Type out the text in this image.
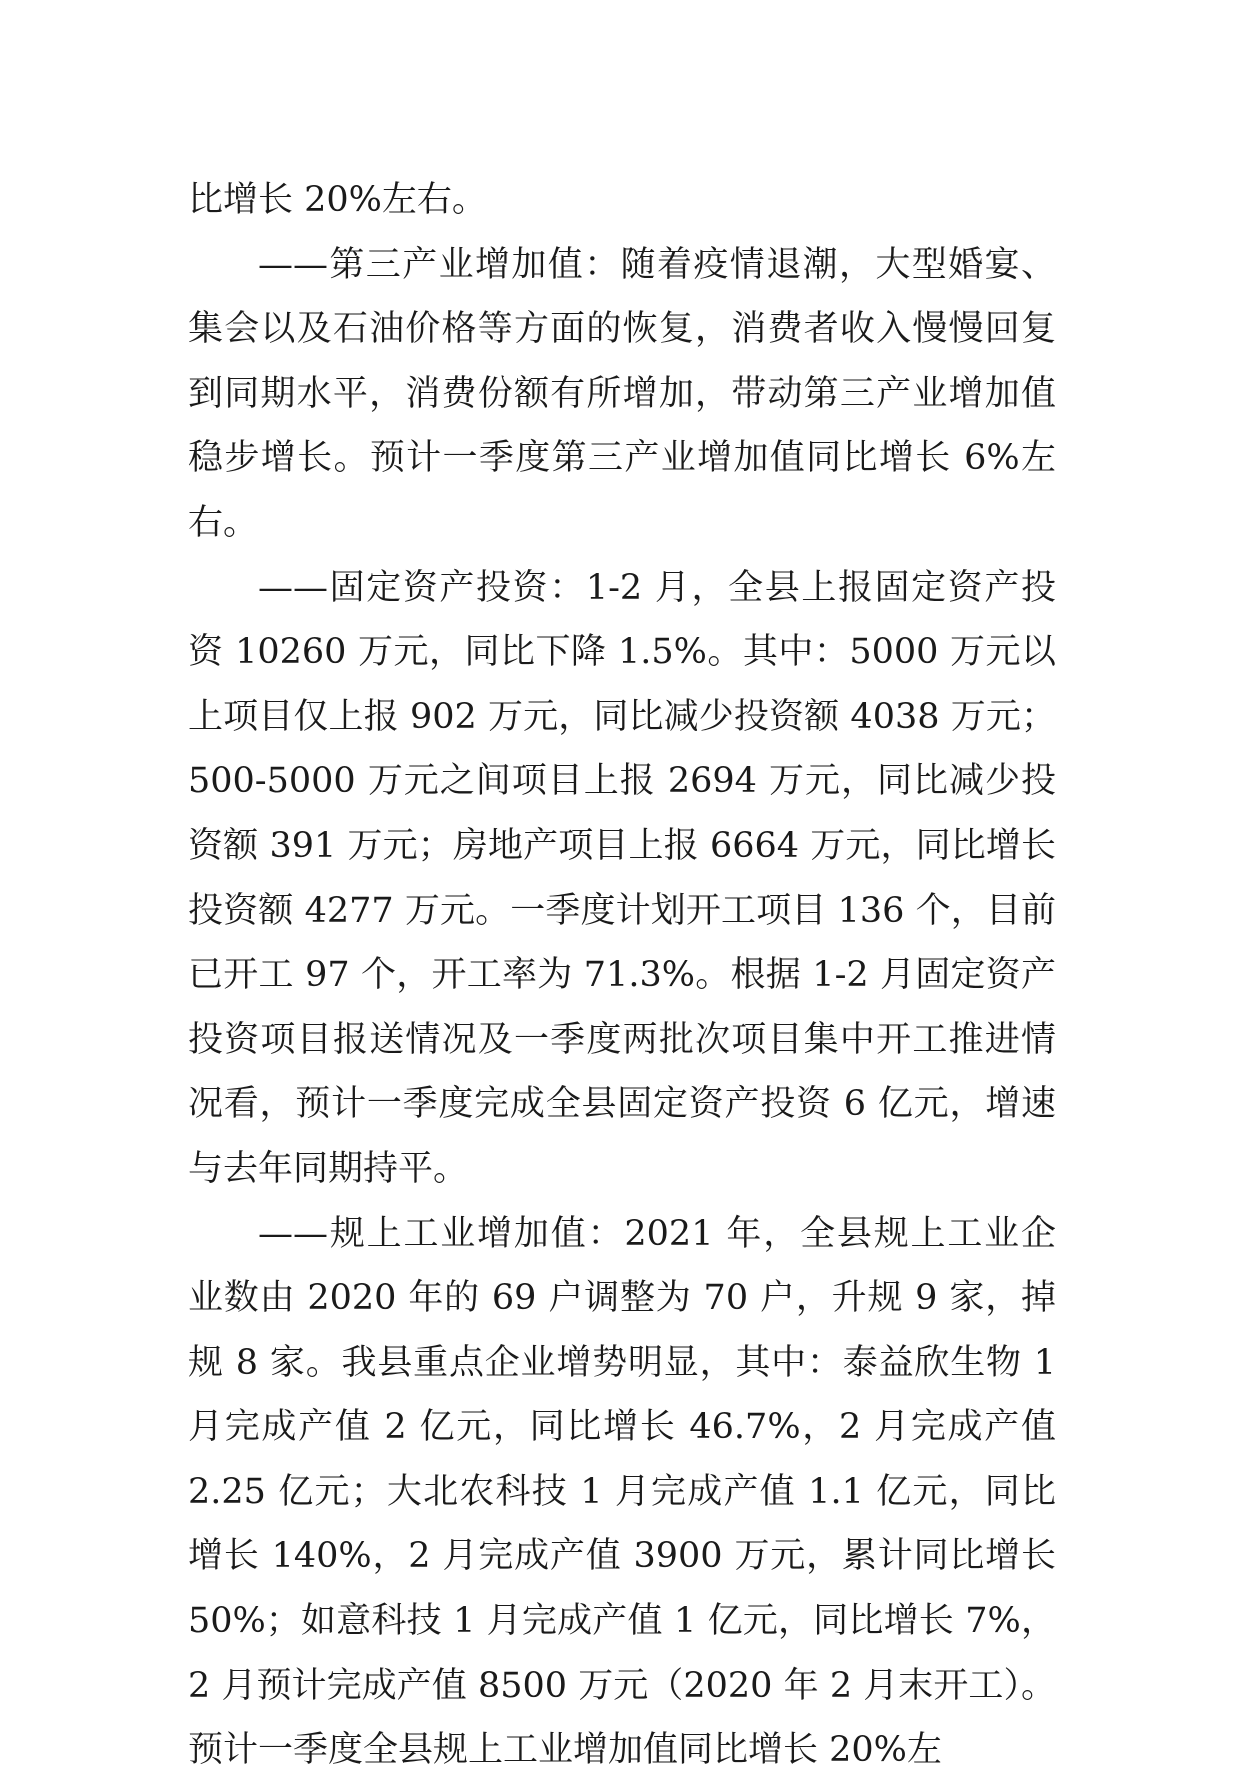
比增长 20%左右。

——第三产业增加值：随着疫情退潮，大型婚宴、集会以及石油价格等方面的恢复，消费者收入慢慢回复到同期水平，消费份额有所增加，带动第三产业增加值稳步增长。预计一季度第三产业增加值同比增长 6%左右。

——固定资产投资：1-2 月，全县上报固定资产投资 10260 万元，同比下降 1.5%。其中：5000 万元以上项目仅上报 902 万元，同比减少投资额 4038 万元；500-5000 万元之间项目上报 2694 万元，同比减少投资额 391 万元；房地产项目上报 6664 万元，同比增长投资额 4277 万元。一季度计划开工项目 136 个，目前已开工 97 个，开工率为 71.3%。根据 1-2 月固定资产投资项目报送情况及一季度两批次项目集中开工推进情况看，预计一季度完成全县固定资产投资 6 亿元，增速与去年同期持平。

——规上工业增加值：2021 年，全县规上工业企业数由 2020 年的 69 户调整为 70 户，升规 9 家，掉规 8 家。我县重点企业增势明显，其中：泰益欣生物 1 月完成产值 2 亿元，同比增长 46.7%，2 月完成产值 2.25 亿元；大北农科技 1 月完成产值 1.1 亿元，同比增长 140%，2 月完成产值 3900 万元，累计同比增长 50%；如意科技 1 月完成产值 1 亿元，同比增长 7%，2 月预计完成产值 8500 万元（2020 年 2 月末开工）。预计一季度全县规上工业增加值同比增长 20%左
